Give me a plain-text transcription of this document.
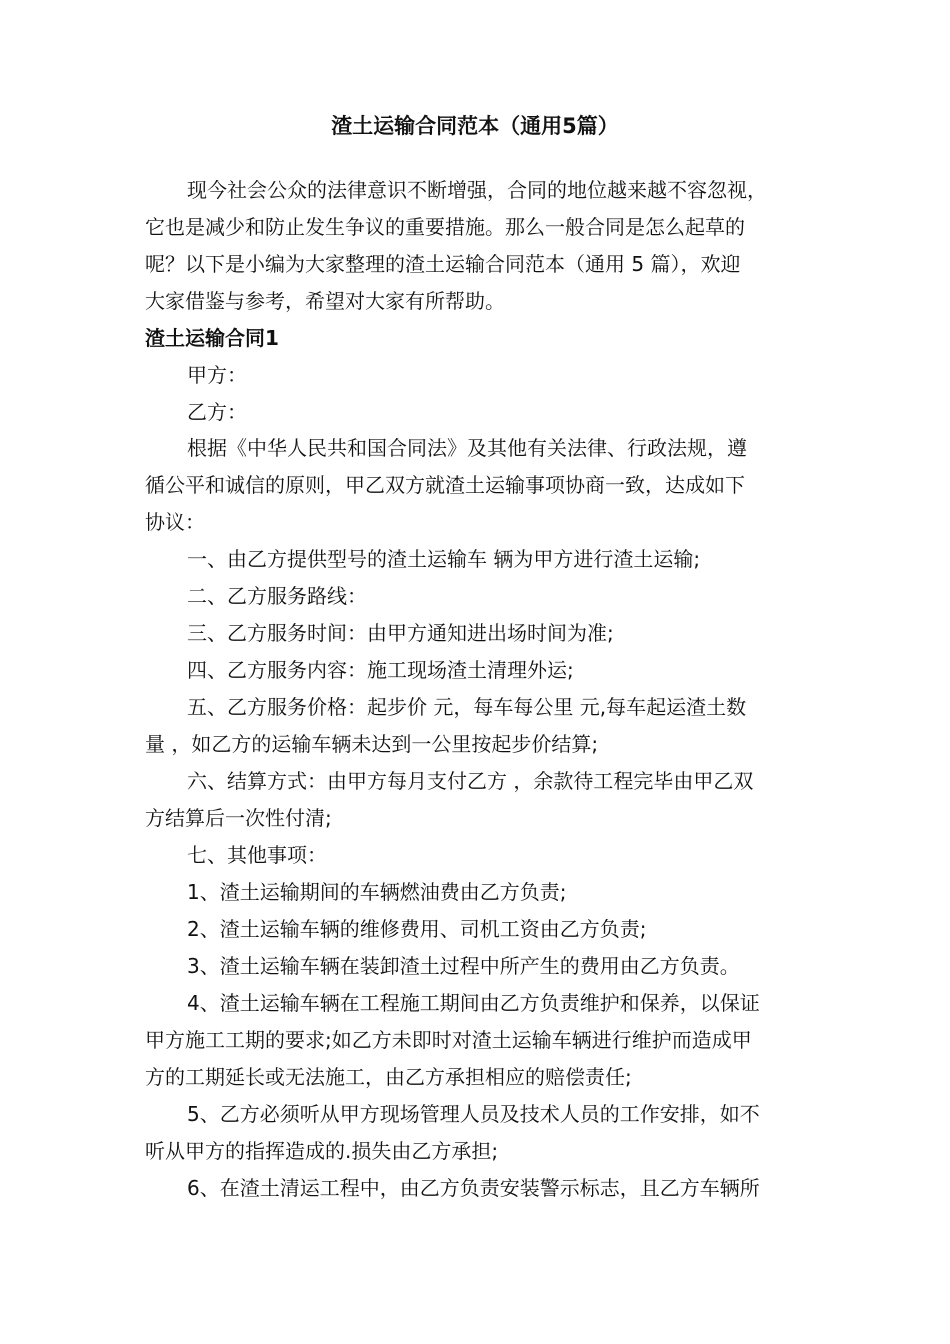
渣土运输合同范本（通用5篇）
现今社会公众的法律意识不断增强，合同的地位越来越不容忽视，
它也是减少和防止发生争议的重要措施。那么一般合同是怎么起草的
呢？以下是小编为大家整理的渣土运输合同范本（通用 5 篇），欢迎
大家借鉴与参考，希望对大家有所帮助。
渣土运输合同1
甲方：
乙方：
根据《中华人民共和国合同法》及其他有关法律、行政法规，遵
循公平和诚信的原则，甲乙双方就渣土运输事项协商一致，达成如下
协议：
一、由乙方提供型号的渣土运输车 辆为甲方进行渣土运输;
二、乙方服务路线：
三、乙方服务时间：由甲方通知进出场时间为准;
四、乙方服务内容：施工现场渣土清理外运;
五、乙方服务价格：起步价 元，每车每公里 元,每车起运渣土数
量 ，如乙方的运输车辆未达到一公里按起步价结算;
六、结算方式：由甲方每月支付乙方 ，余款待工程完毕由甲乙双
方结算后一次性付清;
七、其他事项：
1、渣土运输期间的车辆燃油费由乙方负责;
2、渣土运输车辆的维修费用、司机工资由乙方负责;
3、渣土运输车辆在装卸渣土过程中所产生的费用由乙方负责。
4、渣土运输车辆在工程施工期间由乙方负责维护和保养，以保证
甲方施工工期的要求;如乙方未即时对渣土运输车辆进行维护而造成甲
方的工期延长或无法施工，由乙方承担相应的赔偿责任;
5、乙方必须听从甲方现场管理人员及技术人员的工作安排，如不
听从甲方的指挥造成的.损失由乙方承担;
6、在渣土清运工程中，由乙方负责安装警示标志，且乙方车辆所
